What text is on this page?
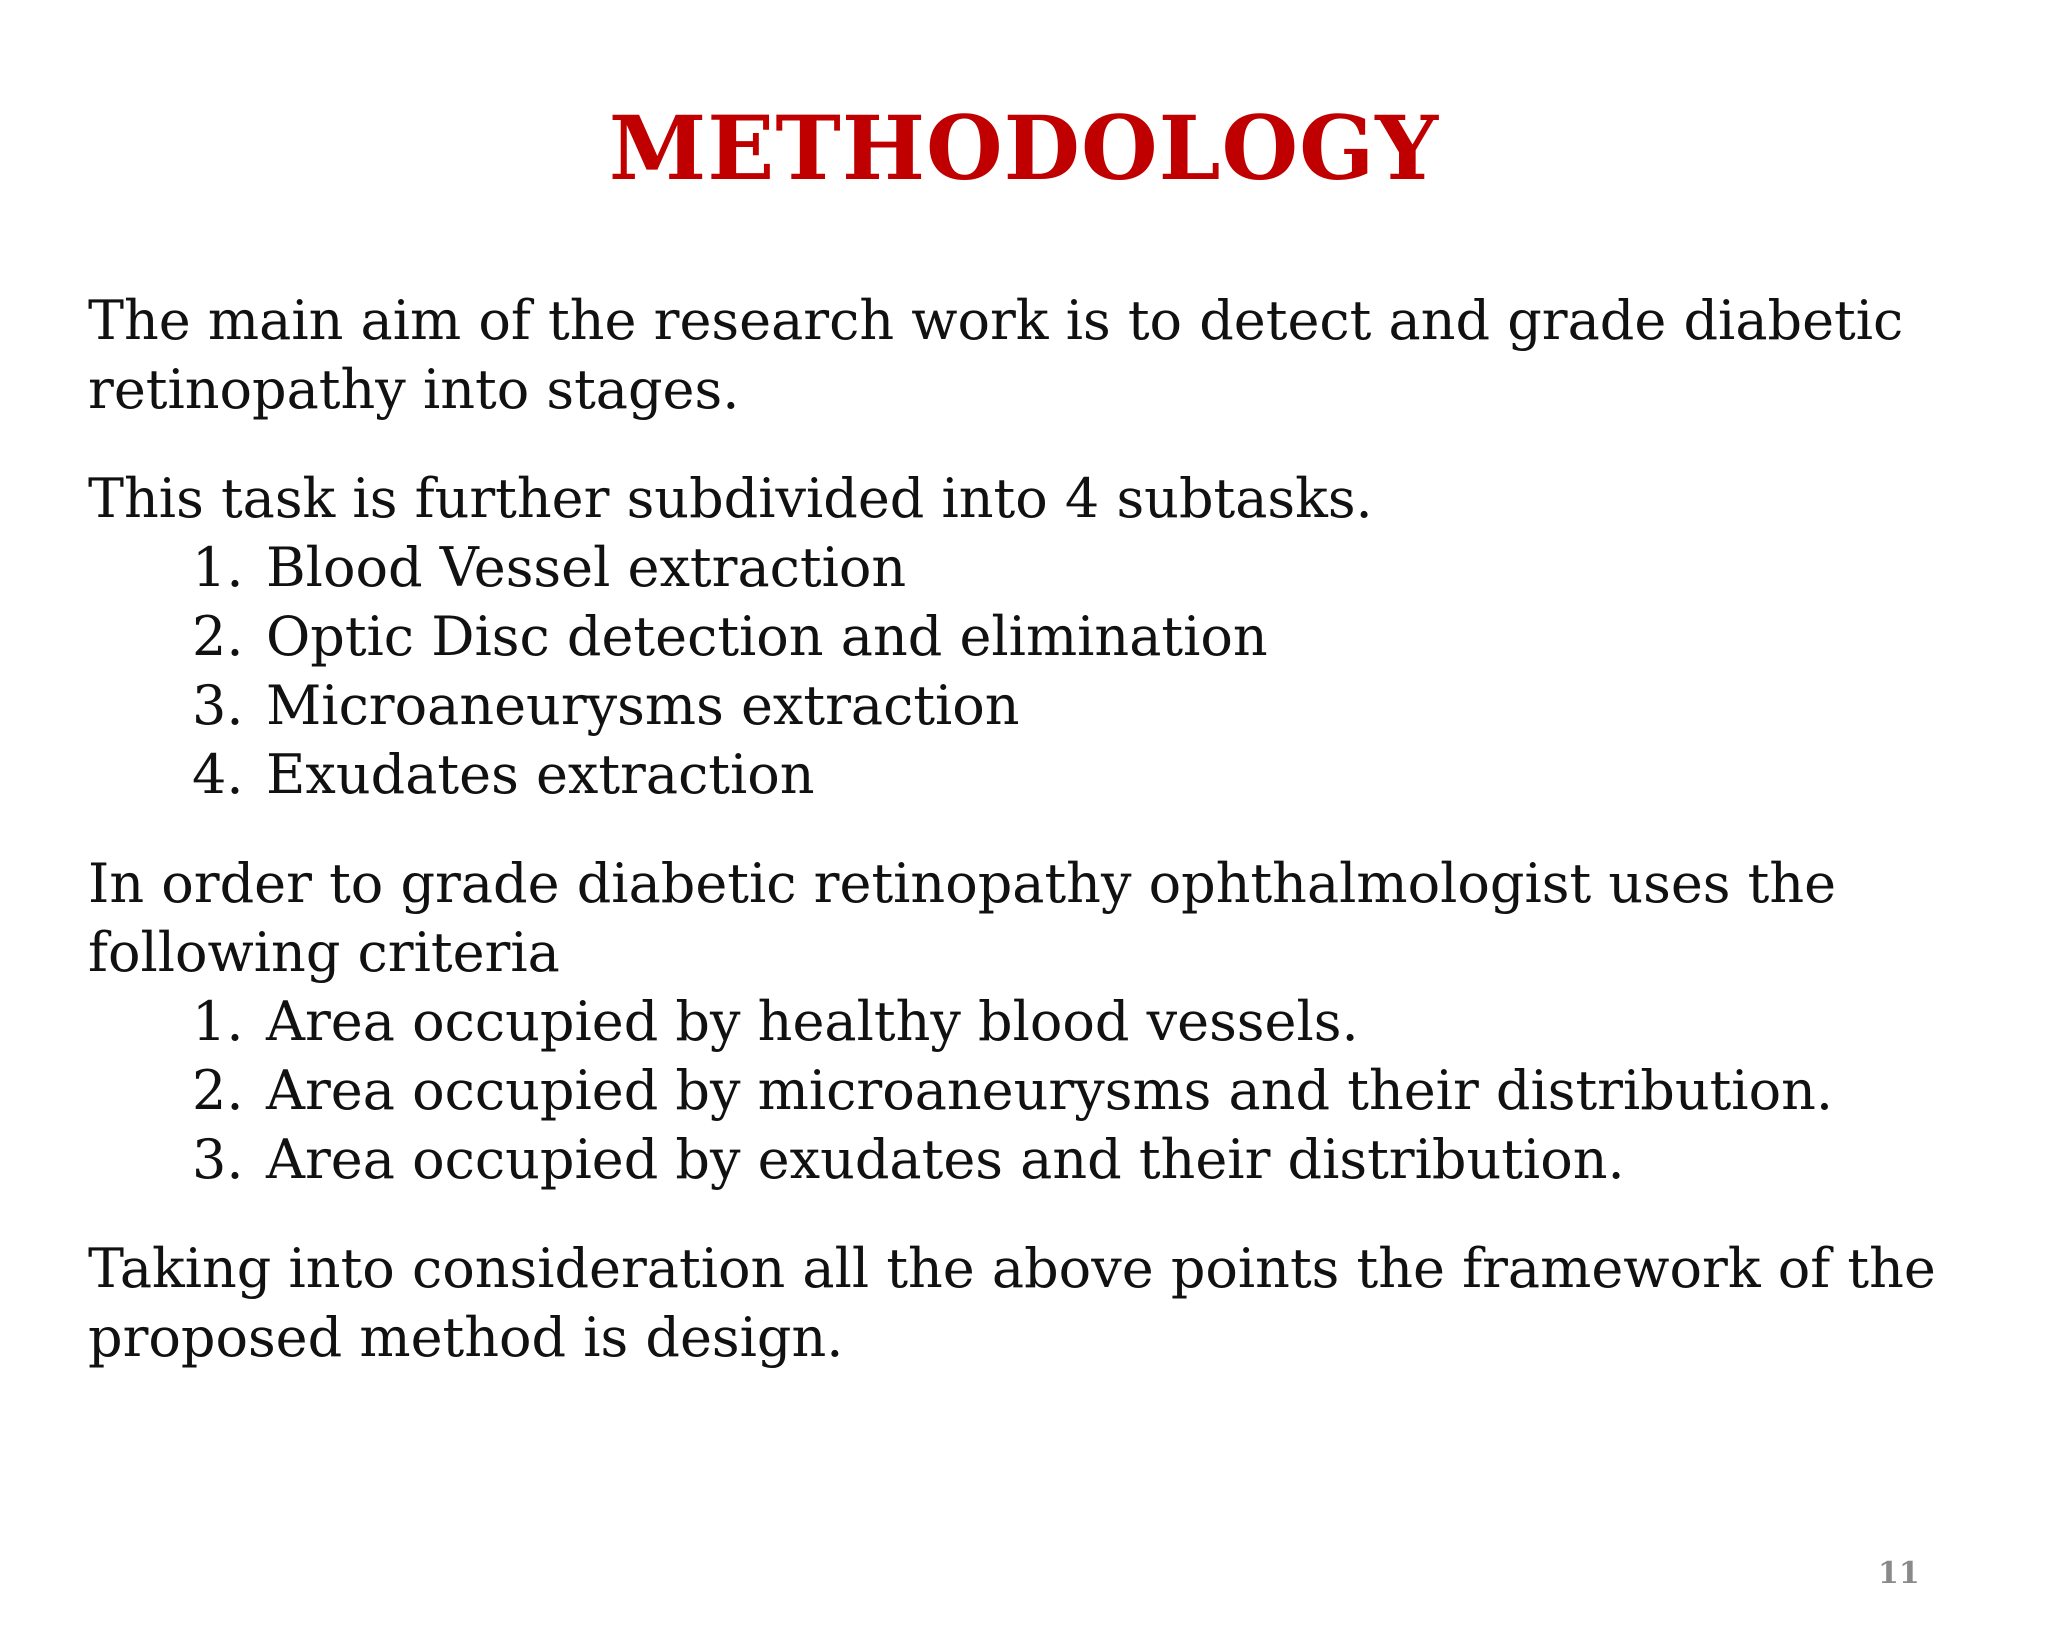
METHODOLOGY

The main aim of the research work is to detect and grade diabetic
retinopathy into stages.

This task is further subdivided into 4 subtasks.

1. Blood Vessel extraction
2. Optic Disc detection and elimination
3. Microaneurysms extraction
4. Exudates extraction

In order to grade diabetic retinopathy ophthalmologist uses the
following criteria

1. Area occupied by healthy blood vessels.
2. Area occupied by microaneurysms and their distribution.
3. Area occupied by exudates and their distribution.

Taking into consideration all the above points the framework of the
proposed method is design.

11
